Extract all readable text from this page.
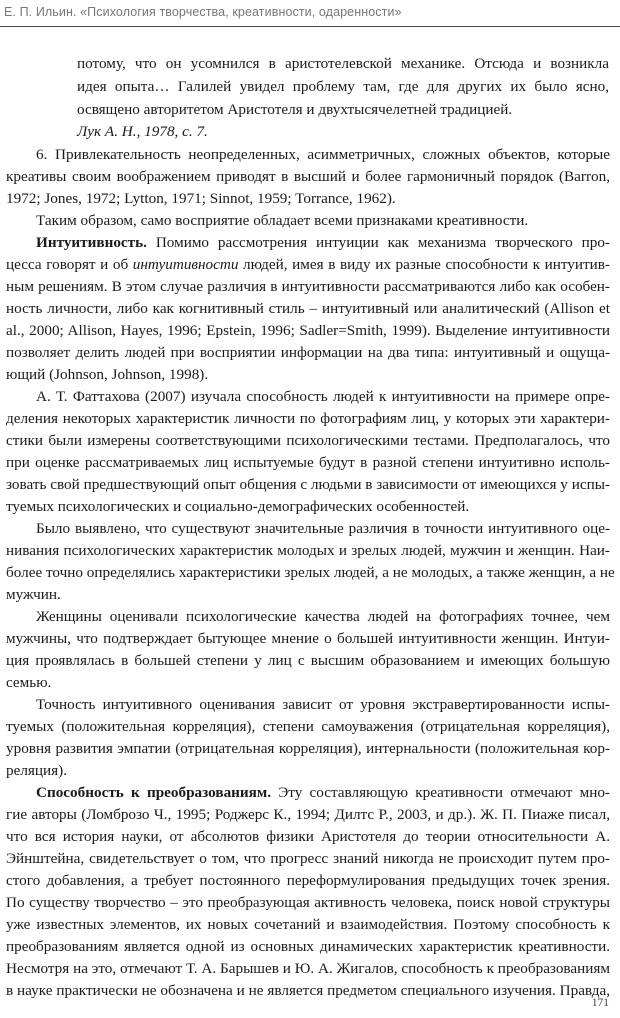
Е. П. Ильин. «Психология творчества, креативности, одаренности»
потому, что он усомнился в аристотелевской механике. Отсюда и возникла
идея опыта… Галилей увидел проблему там, где для других их было ясно,
освящено авторитетом Аристотеля и двухтысячелетней традицией.
Лук А. Н., 1978, с. 7.
6. Привлекательность неопределенных, асимметричных, сложных объектов, которые
креативы своим воображением приводят в высший и более гармоничный порядок (Barron,
1972; Jones, 1972; Lytton, 1971; Sinnot, 1959; Torrance, 1962).
Таким образом, само восприятие обладает всеми признаками креативности.
Интуитивность. Помимо рассмотрения интуиции как механизма творческого про-
цесса говорят и об интуитивности людей, имея в виду их разные способности к интуитив-
ным решениям. В этом случае различия в интуитивности рассматриваются либо как особен-
ность личности, либо как когнитивный стиль – интуитивный или аналитический (Allison et
al., 2000; Allison, Hayes, 1996; Epstein, 1996; Sadler=Smith, 1999). Выделение интуитивности
позволяет делить людей при восприятии информации на два типа: интуитивный и ощуща-
ющий (Johnson, Johnson, 1998).
А. Т. Фаттахова (2007) изучала способность людей к интуитивности на примере опре-
деления некоторых характеристик личности по фотографиям лиц, у которых эти характери-
стики были измерены соответствующими психологическими тестами. Предполагалось, что
при оценке рассматриваемых лиц испытуемые будут в разной степени интуитивно исполь-
зовать свой предшествующий опыт общения с людьми в зависимости от имеющихся у испы-
туемых психологических и социально-демографических особенностей.
Было выявлено, что существуют значительные различия в точности интуитивного оце-
нивания психологических характеристик молодых и зрелых людей, мужчин и женщин. Наи-
более точно определялись характеристики зрелых людей, а не молодых, а также женщин, а не
мужчин.
Женщины оценивали психологические качества людей на фотографиях точнее, чем
мужчины, что подтверждает бытующее мнение о большей интуитивности женщин. Интуи-
ция проявлялась в большей степени у лиц с высшим образованием и имеющих большую
семью.
Точность интуитивного оценивания зависит от уровня экстравертированности испы-
туемых (положительная корреляция), степени самоуважения (отрицательная корреляция),
уровня развития эмпатии (отрицательная корреляция), интернальности (положительная кор-
реляция).
Способность к преобразованиям. Эту составляющую креативности отмечают мно-
гие авторы (Ломброзо Ч., 1995; Роджерс К., 1994; Дилтс Р., 2003, и др.). Ж. П. Пиаже писал,
что вся история науки, от абсолютов физики Аристотеля до теории относительности А.
Эйнштейна, свидетельствует о том, что прогресс знаний никогда не происходит путем про-
стого добавления, а требует постоянного переформулирования предыдущих точек зрения.
По существу творчество – это преобразующая активность человека, поиск новой структуры
уже известных элементов, их новых сочетаний и взаимодействия. Поэтому способность к
преобразованиям является одной из основных динамических характеристик креативности.
Несмотря на это, отмечают Т. А. Барышев и Ю. А. Жигалов, способность к преобразованиям
в науке практически не обозначена и не является предметом специального изучения. Правда,
171
